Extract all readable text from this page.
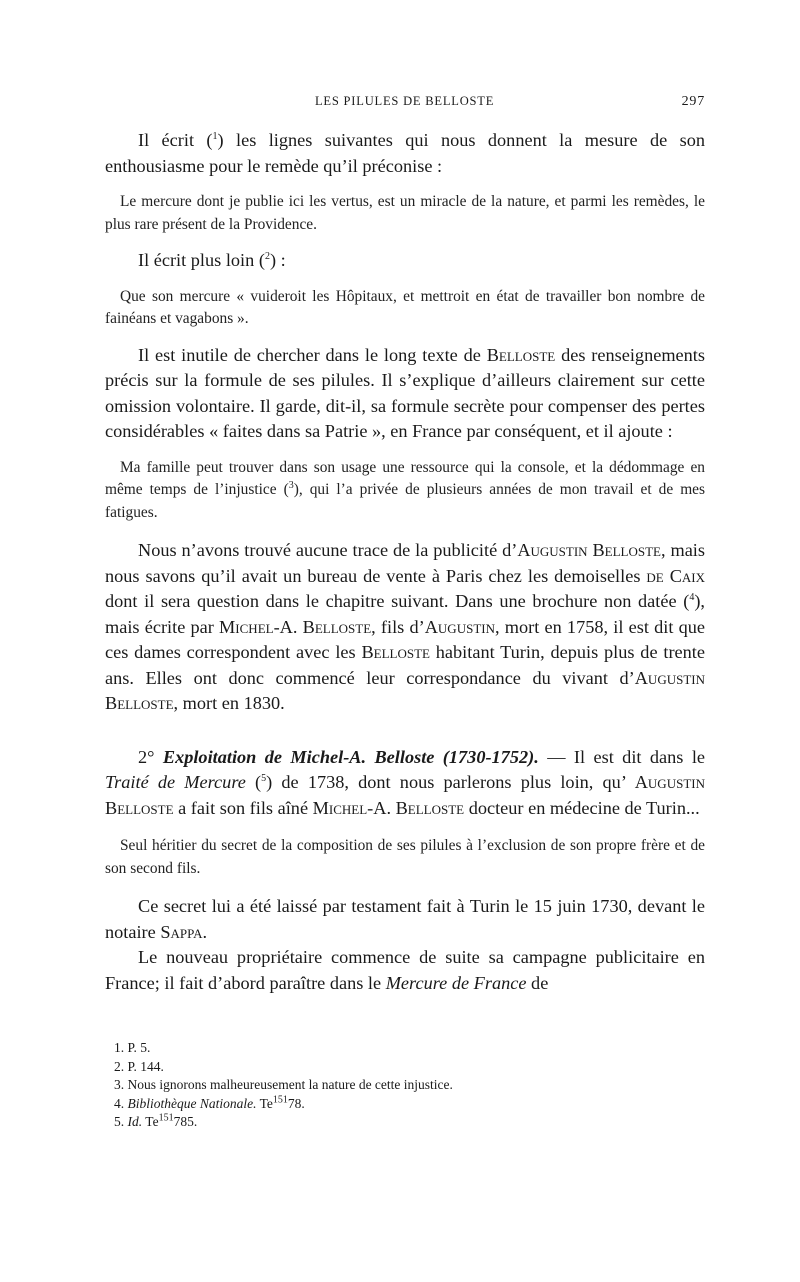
LES PILULES DE BELLOSTE	297

Il écrit ($^1$) les lignes suivantes qui nous donnent la mesure de son enthousiasme pour le remède qu’il préconise :

Le mercure dont je publie ici les vertus, est un miracle de la nature, et parmi les remèdes, le plus rare présent de la Providence.

Il écrit plus loin ($^2$) :

Que son mercure « vuideroit les Hôpitaux, et mettroit en état de travailler bon nombre de fainéans et vagabons ».

Il est inutile de chercher dans le long texte de Belloste des renseignements précis sur la formule de ses pilules. Il s’explique d’ailleurs clairement sur cette omission volontaire. Il garde, dit-il, sa formule secrète pour compenser des pertes considérables « faites dans sa Patrie », en France par conséquent, et il ajoute :

Ma famille peut trouver dans son usage une ressource qui la console, et la dédommage en même temps de l’injustice ($^3$), qui l’a privée de plusieurs années de mon travail et de mes fatigues.

Nous n’avons trouvé aucune trace de la publicité d’Augustin Belloste, mais nous savons qu’il avait un bureau de vente à Paris chez les demoiselles de Caix dont il sera question dans le chapitre suivant. Dans une brochure non datée ($^4$), mais écrite par Michel-A. Belloste, fils d’Augustin, mort en 1758, il est dit que ces dames correspondent avec les Belloste habitant Turin, depuis plus de trente ans. Elles ont donc commencé leur correspondance du vivant d’Augustin Belloste, mort en 1830.

2° Exploitation de Michel-A. Belloste (1730-1752). — Il est dit dans le Traité de Mercure ($^5$) de 1738, dont nous parlerons plus loin, qu’ Augustin Belloste a fait son fils aîné Michel-A. Belloste docteur en médecine de Turin...

Seul héritier du secret de la composition de ses pilules à l’exclusion de son propre frère et de son second fils.

Ce secret lui a été laissé par testament fait à Turin le 15 juin 1730, devant le notaire Sappa.

Le nouveau propriétaire commence de suite sa campagne publicitaire en France; il fait d’abord paraître dans le Mercure de France de

1. P. 5.

2. P. 144.

3. Nous ignorons malheureusement la nature de cette injustice.

4. Bibliothèque Nationale. Te$^{151}$78.

5. Id. Te$^{151}$785.
